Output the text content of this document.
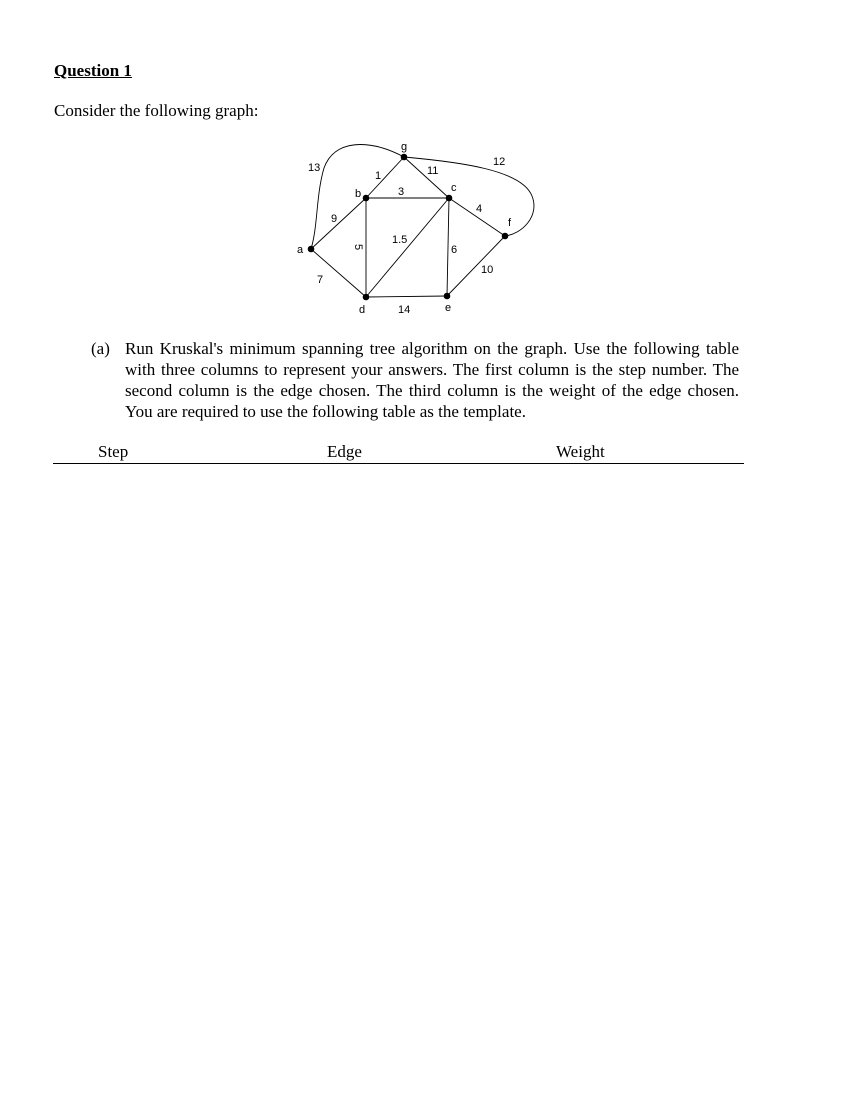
Question 1

Consider the following graph:

a
b	c
d	e
f
g
9
7
13
1
3
5
11
12
1.5
6
4
14
10
(a) Run Kruskal's minimum spanning tree algorithm on the graph. Use the following table with three columns to represent your answers. The first column is the step number. The second column is the edge chosen. The third column is the weight of the edge chosen. You are required to use the following table as the template.
Step	Edge	Weight
